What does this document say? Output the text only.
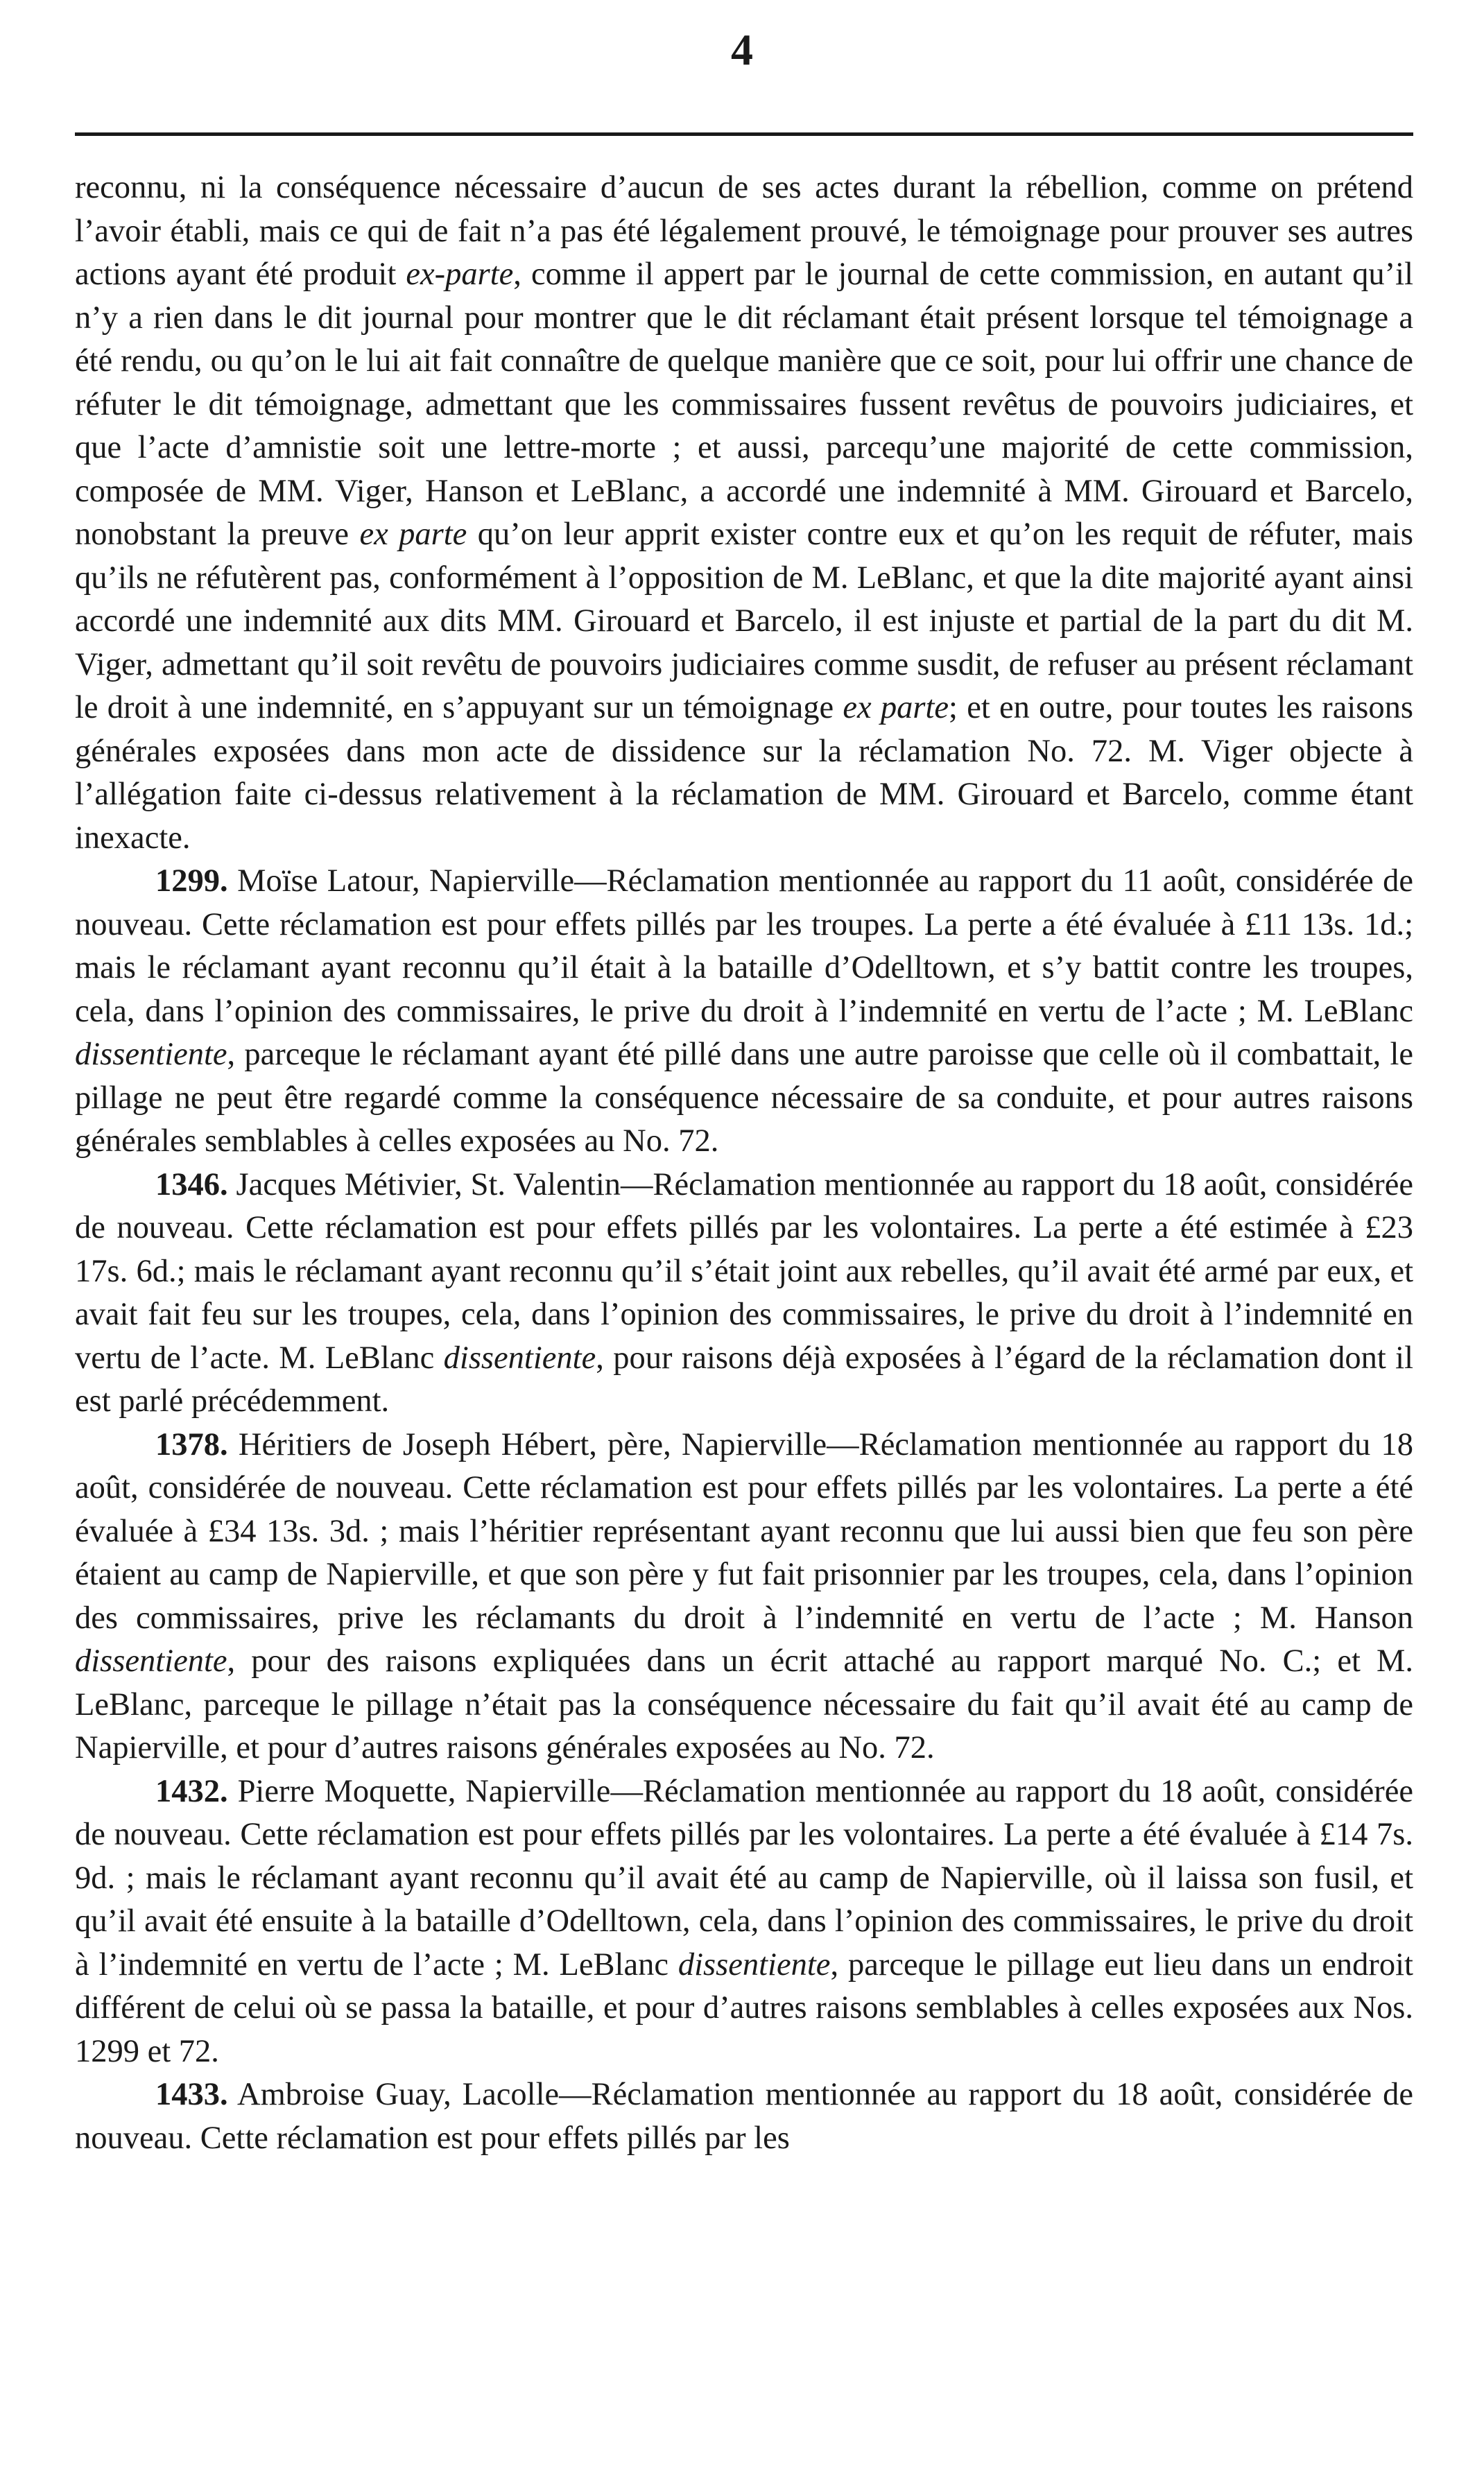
4

reconnu, ni la conséquence nécessaire d’aucun de ses actes durant la rébellion, comme on prétend l’avoir établi, mais ce qui de fait n’a pas été légalement prouvé, le témoignage pour prouver ses autres actions ayant été produit ex-parte, comme il appert par le journal de cette commission, en autant qu’il n’y a rien dans le dit journal pour montrer que le dit réclamant était présent lorsque tel témoignage a été rendu, ou qu’on le lui ait fait connaître de quelque manière que ce soit, pour lui offrir une chance de réfuter le dit témoignage, admettant que les commissaires fussent revêtus de pouvoirs judiciaires, et que l’acte d’amnistie soit une lettre-morte ; et aussi, parcequ’une majorité de cette commission, composée de MM. Viger, Hanson et LeBlanc, a accordé une indemnité à MM. Girouard et Barcelo, nonobstant la preuve ex parte qu’on leur apprit exister contre eux et qu’on les requit de réfuter, mais qu’ils ne réfutèrent pas, conformément à l’opposition de M. LeBlanc, et que la dite majorité ayant ainsi accordé une indemnité aux dits MM. Girouard et Barcelo, il est injuste et partial de la part du dit M. Viger, admettant qu’il soit revêtu de pouvoirs judiciaires comme susdit, de refuser au présent réclamant le droit à une indemnité, en s’appuyant sur un témoignage ex parte; et en outre, pour toutes les raisons générales exposées dans mon acte de dissidence sur la réclamation No. 72. M. Viger objecte à l’allégation faite ci-dessus relativement à la réclamation de MM. Girouard et Barcelo, comme étant inexacte.

1299. Moïse Latour, Napierville—Réclamation mentionnée au rapport du 11 août, considérée de nouveau. Cette réclamation est pour effets pillés par les troupes. La perte a été évaluée à £11 13s. 1d.; mais le réclamant ayant reconnu qu’il était à la bataille d’Odelltown, et s’y battit contre les troupes, cela, dans l’opinion des commissaires, le prive du droit à l’indemnité en vertu de l’acte ; M. LeBlanc dissentiente, parceque le réclamant ayant été pillé dans une autre paroisse que celle où il combattait, le pillage ne peut être regardé comme la conséquence nécessaire de sa conduite, et pour autres raisons générales semblables à celles exposées au No. 72.

1346. Jacques Métivier, St. Valentin—Réclamation mentionnée au rapport du 18 août, considérée de nouveau. Cette réclamation est pour effets pillés par les volontaires. La perte a été estimée à £23 17s. 6d.; mais le réclamant ayant reconnu qu’il s’était joint aux rebelles, qu’il avait été armé par eux, et avait fait feu sur les troupes, cela, dans l’opinion des commissaires, le prive du droit à l’indemnité en vertu de l’acte. M. LeBlanc dissentiente, pour raisons déjà exposées à l’égard de la réclamation dont il est parlé précédemment.

1378. Héritiers de Joseph Hébert, père, Napierville—Réclamation mentionnée au rapport du 18 août, considérée de nouveau. Cette réclamation est pour effets pillés par les volontaires. La perte a été évaluée à £34 13s. 3d. ; mais l’héritier représentant ayant reconnu que lui aussi bien que feu son père étaient au camp de Napierville, et que son père y fut fait prisonnier par les troupes, cela, dans l’opinion des commissaires, prive les réclamants du droit à l’indemnité en vertu de l’acte ; M. Hanson dissentiente, pour des raisons expliquées dans un écrit attaché au rapport marqué No. C.; et M. LeBlanc, parceque le pillage n’était pas la conséquence nécessaire du fait qu’il avait été au camp de Napierville, et pour d’autres raisons générales exposées au No. 72.

1432. Pierre Moquette, Napierville—Réclamation mentionnée au rapport du 18 août, considérée de nouveau. Cette réclamation est pour effets pillés par les volontaires. La perte a été évaluée à £14 7s. 9d. ; mais le réclamant ayant reconnu qu’il avait été au camp de Napierville, où il laissa son fusil, et qu’il avait été ensuite à la bataille d’Odelltown, cela, dans l’opinion des commissaires, le prive du droit à l’indemnité en vertu de l’acte ; M. LeBlanc dissentiente, parceque le pillage eut lieu dans un endroit différent de celui où se passa la bataille, et pour d’autres raisons semblables à celles exposées aux Nos. 1299 et 72.

1433. Ambroise Guay, Lacolle—Réclamation mentionnée au rapport du 18 août, considérée de nouveau. Cette réclamation est pour effets pillés par les
